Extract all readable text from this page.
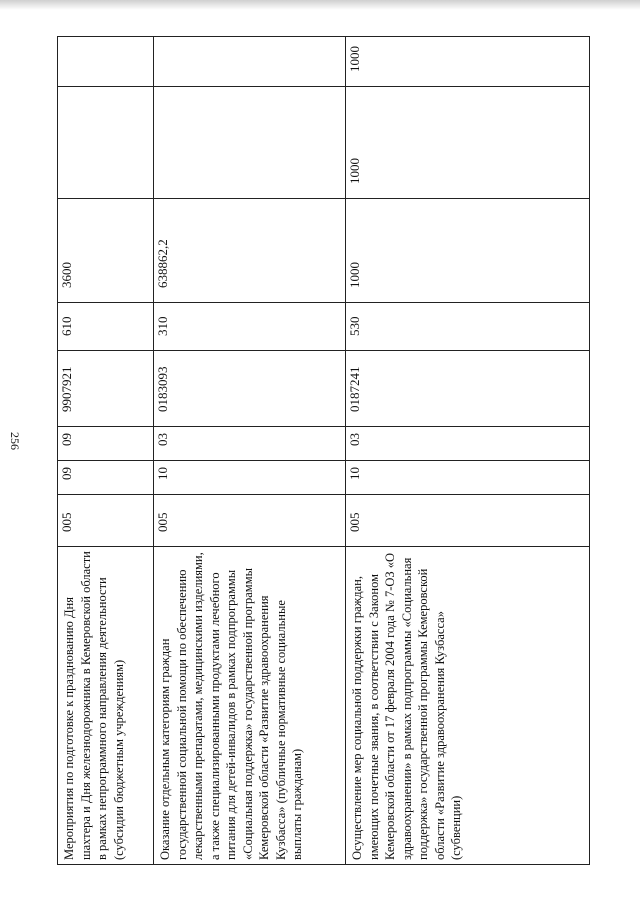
256
Мероприятия по подготовке к празднованию Дня шахтера и Дня железнодорожника в Кемеровской области в рамках непрограммного направления деятельности (субсидии бюджетным учреждениям)	005	09	09	9907921	610	3600		
Оказание отдельным категориям граждан государственной социальной помощи по обеспечению лекарственными препаратами, медицинскими изделиями, а также специализированными продуктами лечебного питания для детей-инвалидов в рамках подпрограммы «Социальная поддержка» государственной программы Кемеровской области «Развитие здравоохранения Кузбасса» (публичные нормативные социальные выплаты гражданам)	005	10	03	0183093	310	638862,2		
Осуществление мер социальной поддержки граждан, имеющих почетные звания, в соответствии с Законом Кемеровской области от 17 февраля 2004 года № 7-ОЗ «О здравоохранении» в рамках подпрограммы «Социальная поддержка» государственной программы Кемеровской области «Развитие здравоохранения Кузбасса» (субвенции)	005	10	03	0187241	530	1000	1000	1000
